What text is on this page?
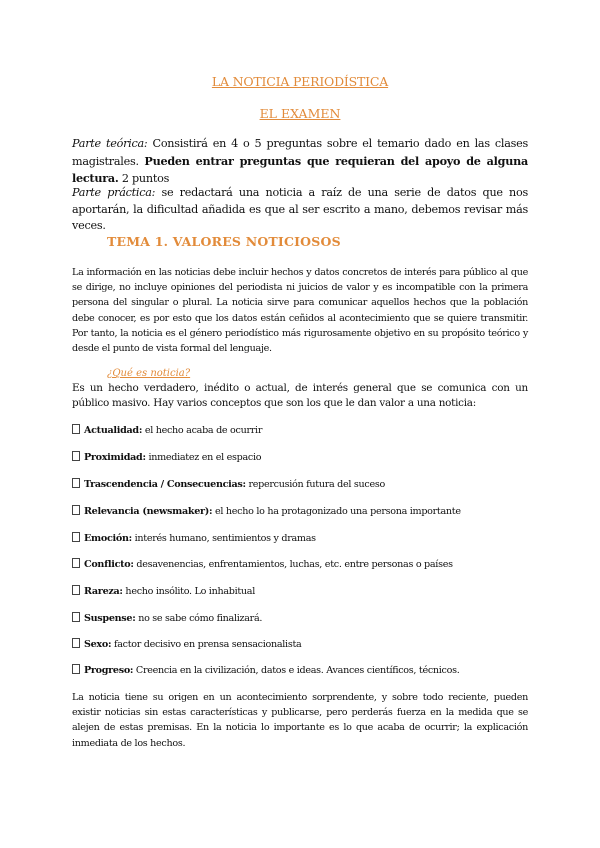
LA NOTICIA PERIODÍSTICA
EL EXAMEN
Parte teórica: Consistirá en 4 o 5 preguntas sobre el temario dado en las clases magistrales. Pueden entrar preguntas que requieran del apoyo de alguna lectura. 2 puntos
Parte práctica: se redactará una noticia a raíz de una serie de datos que nos aportarán, la dificultad añadida es que al ser escrito a mano, debemos revisar más veces.
TEMA 1. VALORES NOTICIOSOS
La información en las noticias debe incluir hechos y datos concretos de interés para público al que se dirige, no incluye opiniones del periodista ni juicios de valor y es incompatible con la primera persona del singular o plural. La noticia sirve para comunicar aquellos hechos que la población debe conocer, es por esto que los datos están ceñidos al acontecimiento que se quiere transmitir. Por tanto, la noticia es el género periodístico más rigurosamente objetivo en su propósito teórico y desde el punto de vista formal del lenguaje.
¿Qué es noticia?
Es un hecho verdadero, inédito o actual, de interés general que se comunica con un público masivo. Hay varios conceptos que son los que le dan valor a una noticia:
Actualidad: el hecho acaba de ocurrir
Proximidad: inmediatez en el espacio
Trascendencia / Consecuencias: repercusión futura del suceso
Relevancia (newsmaker): el hecho lo ha protagonizado una persona importante
Emoción: interés humano, sentimientos y dramas
Conflicto: desavenencias, enfrentamientos, luchas, etc. entre personas o países
Rareza: hecho insólito. Lo inhabitual
Suspense: no se sabe cómo finalizará.
Sexo: factor decisivo en prensa sensacionalista
Progreso: Creencia en la civilización, datos e ideas. Avances científicos, técnicos.
La noticia tiene su origen en un acontecimiento sorprendente, y sobre todo reciente, pueden existir noticias sin estas características y publicarse, pero perderás fuerza en la medida que se alejen de estas premisas. En la noticia lo importante es lo que acaba de ocurrir; la explicación inmediata de los hechos.
